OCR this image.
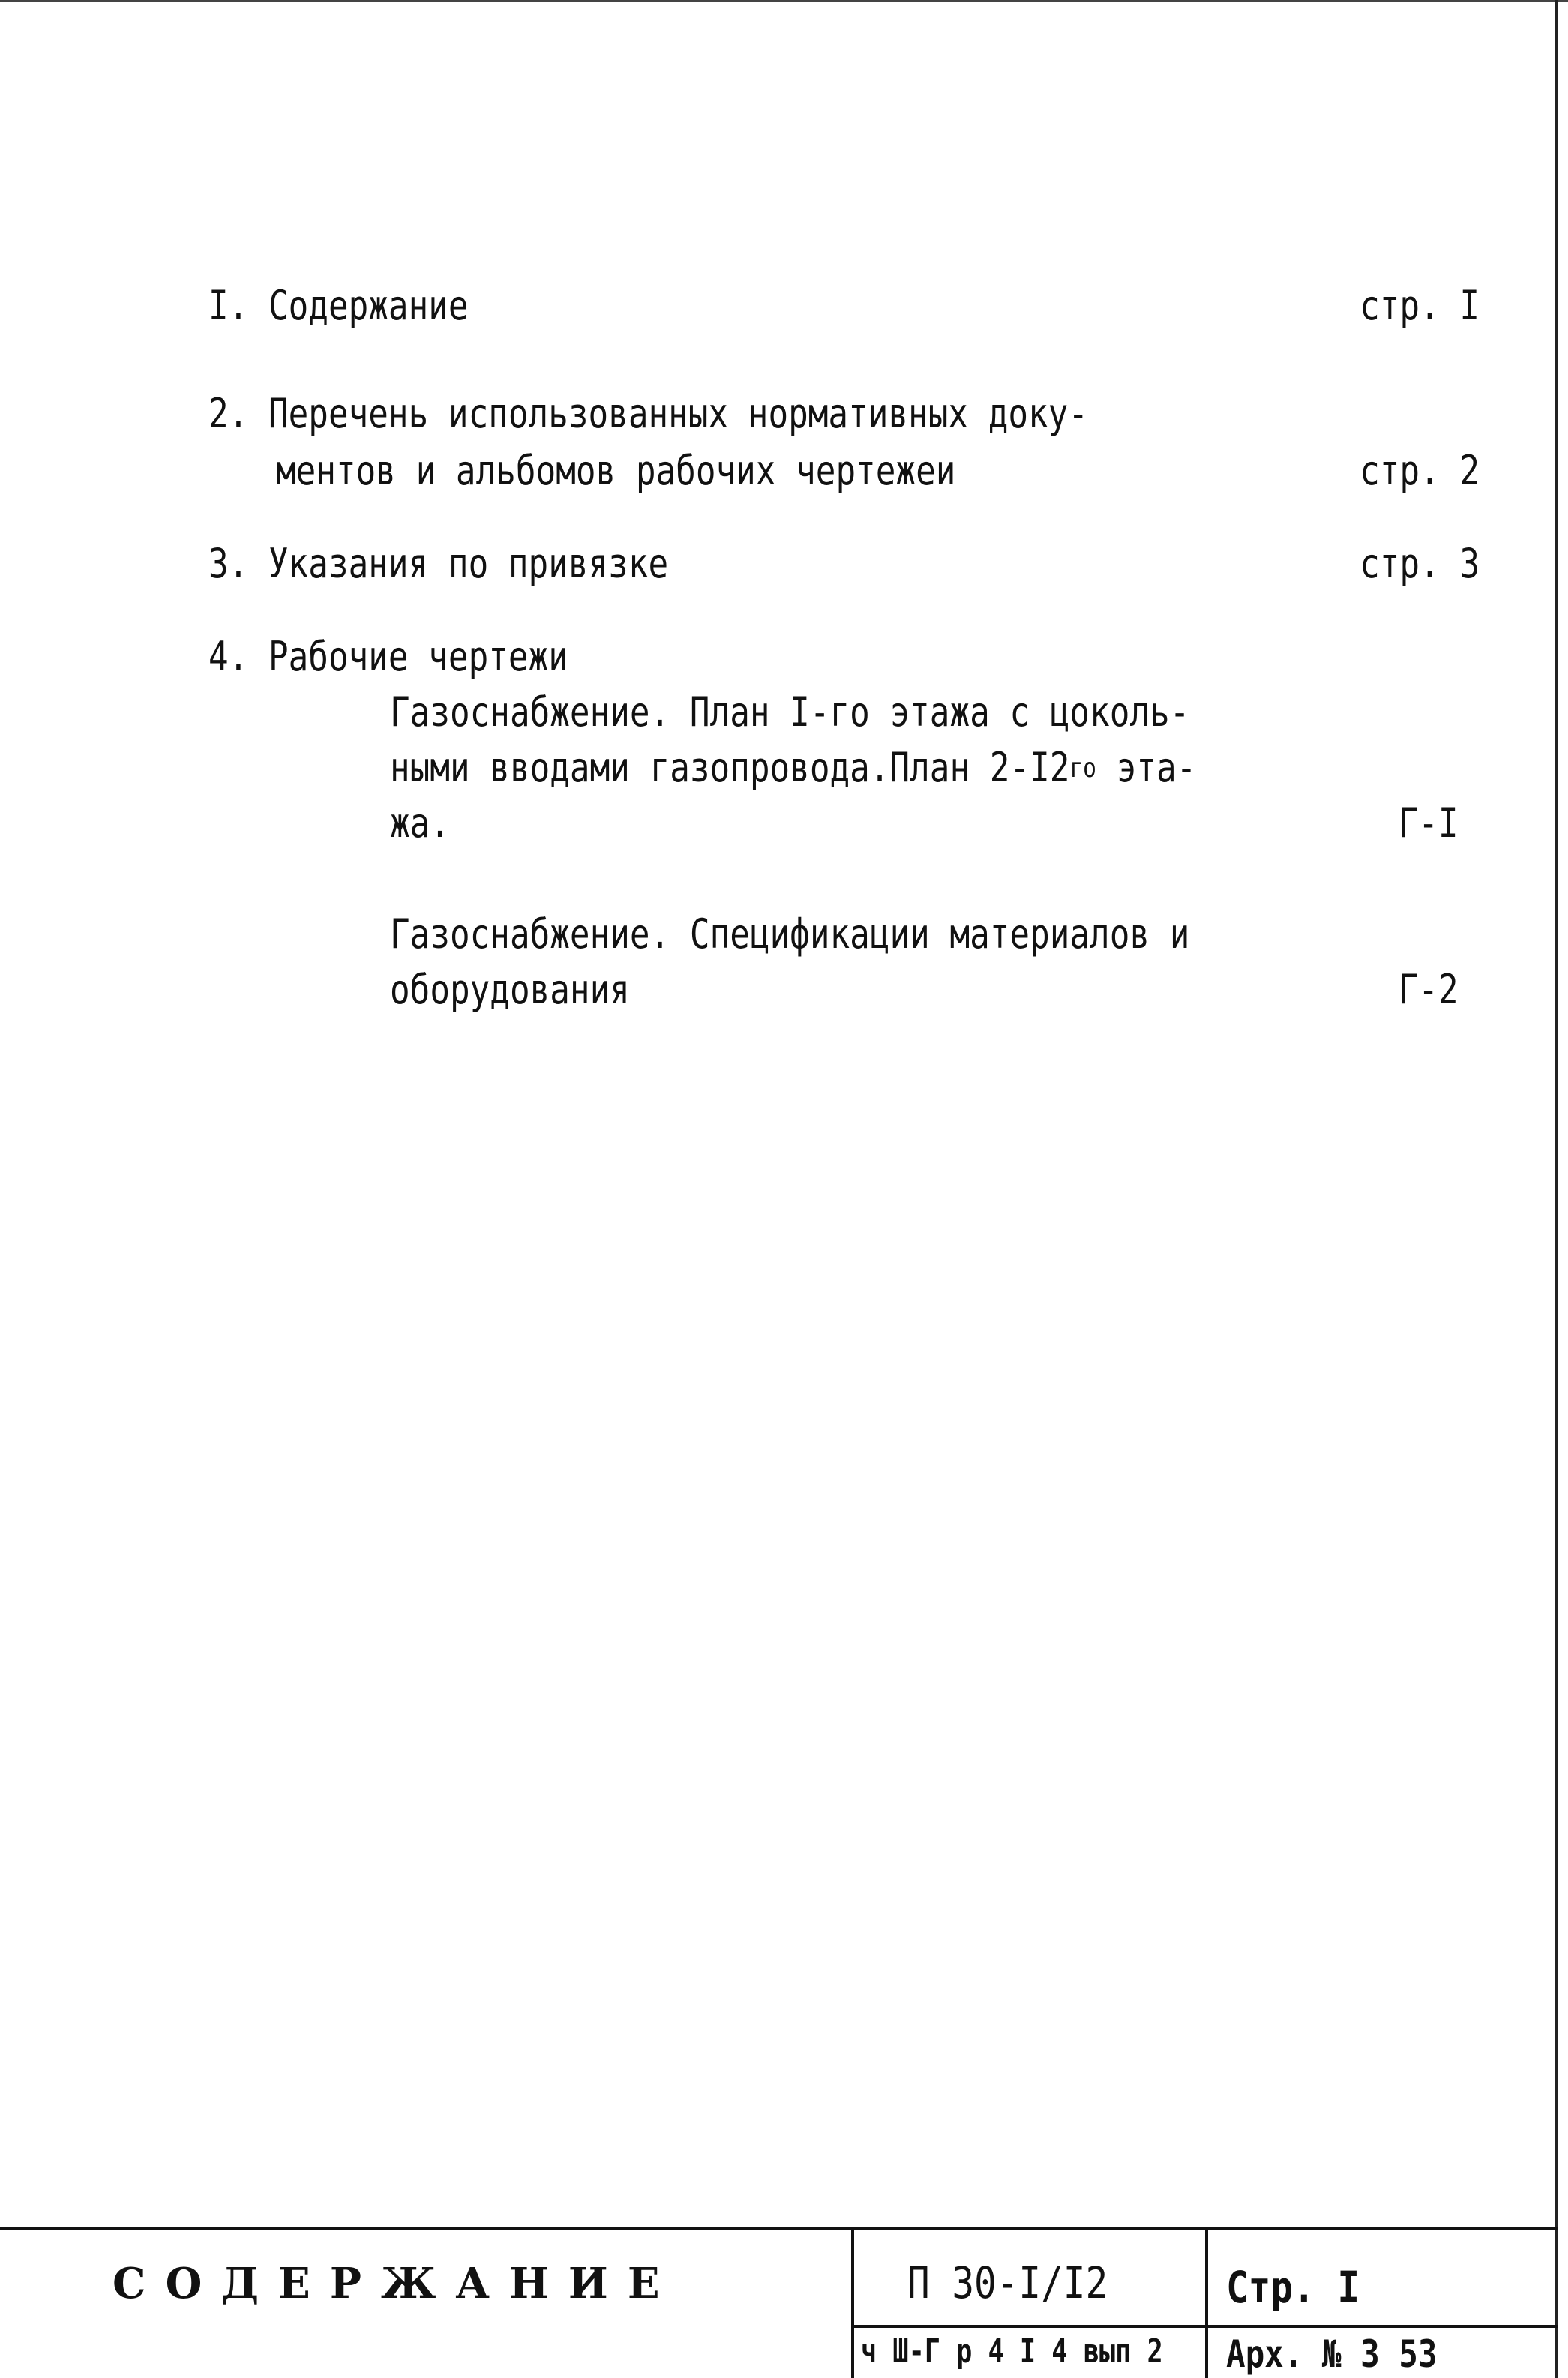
I. Содержание	стр. I
2. Перечень использованных нормативных доку-
ментов и альбомов рабочих чертежеи	стр. 2
3. Указания по привязке	стр. 3
4. Рабочие чертежи
Газоснабжение. План I-го этажа с цоколь-
ными вводами газопровода.План $2-I2^{го}$ эта-
жа.	Г-I
Газоснабжение. Спецификации материалов и
оборудования	Г-2
СОДЕРЖАНИЕ	П 30-I/I2	Стр. I
ч Ш-Г р 4 I 4 вып 2 Арх. № 3 53
